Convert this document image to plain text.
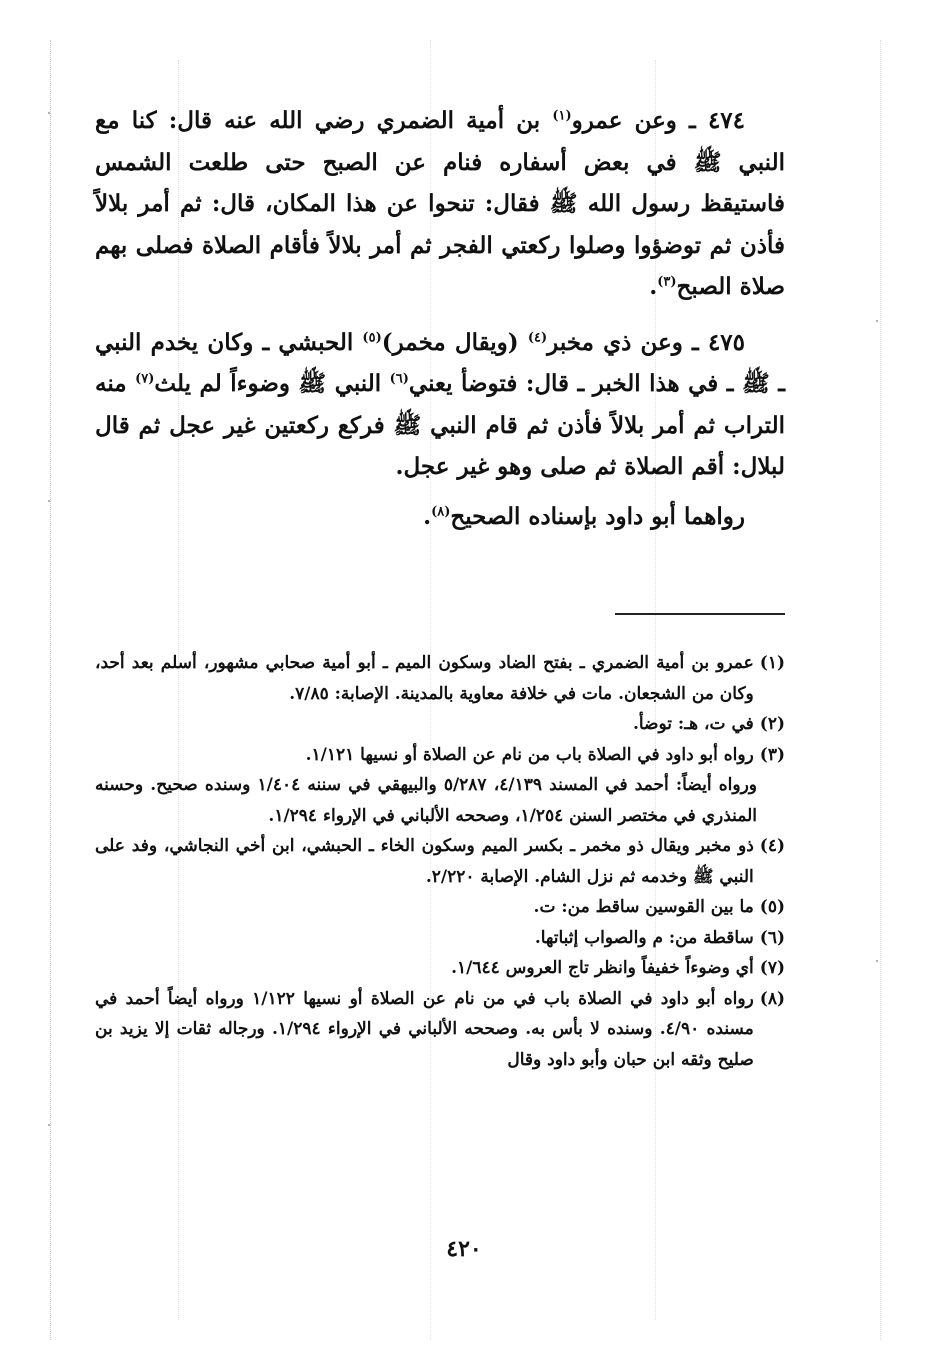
٤٧٤ ـ وعن عمرو$^{(١)}$ بن أمية الضمري رضي الله عنه قال: كنا مع النبي ﷺ في بعض أسفاره فنام عن الصبح حتى طلعت الشمس فاستيقظ رسول الله ﷺ فقال: تنحوا عن هذا المكان، قال: ثم أمر بلالاً فأذن ثم توضؤوا وصلوا ركعتي الفجر ثم أمر بلالاً فأقام الصلاة فصلى بهم صلاة الصبح$^{(٣)}$.

٤٧٥ ـ وعن ذي مخبر$^{(٤)}$ (ويقال مخمر)$^{(٥)}$ الحبشي ـ وكان يخدم النبي ـ ﷺ ـ في هذا الخبر ـ قال: فتوضأ يعني$^{(٦)}$ النبي ﷺ وضوءاً لم يلث$^{(٧)}$ منه التراب ثم أمر بلالاً فأذن ثم قام النبي ﷺ فركع ركعتين غير عجل ثم قال لبلال: أقم الصلاة ثم صلى وهو غير عجل.

رواهما أبو داود بإسناده الصحيح$^{(٨)}$.

(١)
عمرو بن أمية الضمري ـ بفتح الضاد وسكون الميم ـ أبو أمية صحابي مشهور، أسلم بعد أحد، وكان من الشجعان. مات في خلافة معاوية بالمدينة. الإصابة: ٧/٨٥.
(٢)
في ت، هـ: توضأ.
(٣)
رواه أبو داود في الصلاة باب من نام عن الصلاة أو نسيها ١/١٢١.
ورواه أيضاً: أحمد في المسند ٤/١٣٩، ٥/٢٨٧ والبيهقي في سننه ١/٤٠٤ وسنده صحيح. وحسنه المنذري في مختصر السنن ١/٢٥٤، وصححه الألباني في الإرواء ١/٢٩٤.
(٤)
ذو مخبر ويقال ذو مخمر ـ بكسر الميم وسكون الخاء ـ الحبشي، ابن أخي النجاشي، وفد على النبي ﷺ وخدمه ثم نزل الشام. الإصابة ٢/٢٢٠.
(٥)
ما بين القوسين ساقط من: ت.
(٦)
ساقطة من: م والصواب إثباتها.
(٧)
أي وضوءاً خفيفاً وانظر تاج العروس ١/٦٤٤.
(٨)
رواه أبو داود في الصلاة باب في من نام عن الصلاة أو نسيها ١/١٢٢ ورواه أيضاً أحمد في مسنده ٤/٩٠. وسنده لا بأس به. وصححه الألباني في الإرواء ١/٢٩٤. ورجاله ثقات إلا يزيد بن صليح وثقه ابن حبان وأبو داود وقال
٤٢٠
